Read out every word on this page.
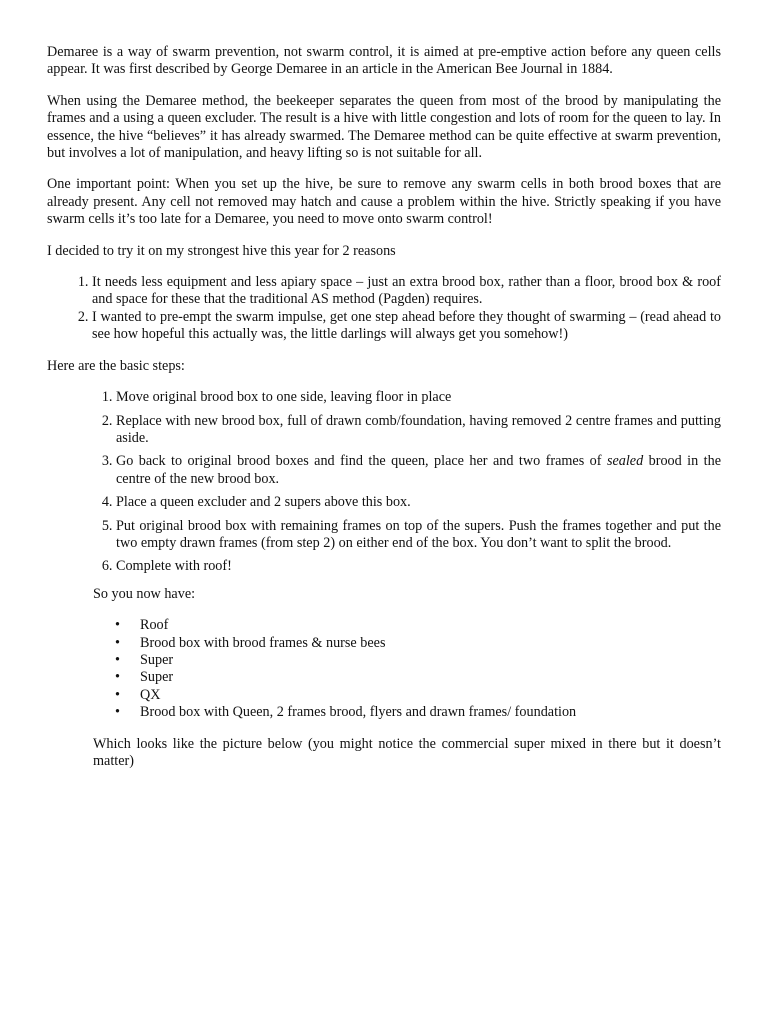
Demaree is a way of swarm prevention, not swarm control, it is aimed at pre-emptive action before any queen cells appear. It was first described by George Demaree in an article in the American Bee Journal in 1884.

When using the Demaree method, the beekeeper separates the queen from most of the brood by manipulating the frames and a using a queen excluder. The result is a hive with little congestion and lots of room for the queen to lay. In essence, the hive “believes” it has already swarmed. The Demaree method can be quite effective at swarm prevention, but involves a lot of manipulation, and heavy lifting so is not suitable for all.

One important point: When you set up the hive, be sure to remove any swarm cells in both brood boxes that are already present. Any cell not removed may hatch and cause a problem within the hive. Strictly speaking if you have swarm cells it’s too late for a Demaree, you need to move onto swarm control!

I decided to try it on my strongest hive this year for 2 reasons

1. It needs less equipment and less apiary space – just an extra brood box, rather than a floor, brood box & roof and space for these that the traditional AS method (Pagden) requires.
2. I wanted to pre-empt the swarm impulse, get one step ahead before they thought of swarming – (read ahead to see how hopeful this actually was, the little darlings will always get you somehow!)

Here are the basic steps:

1. Move original brood box to one side, leaving floor in place
2. Replace with new brood box, full of drawn comb/foundation, having removed 2 centre frames and putting aside.
3. Go back to original brood boxes and find the queen, place her and two frames of sealed brood in the centre of the new brood box.
4. Place a queen excluder and 2 supers above this box.
5. Put original brood box with remaining frames on top of the supers. Push the frames together and put the two empty drawn frames (from step 2) on either end of the box. You don’t want to split the brood.
6. Complete with roof!

So you now have:

• Roof
• Brood box with brood frames & nurse bees
• Super
• Super
• QX
• Brood box with Queen, 2 frames brood, flyers and drawn frames/ foundation

Which looks like the picture below (you might notice the commercial super mixed in there but it doesn’t matter)
